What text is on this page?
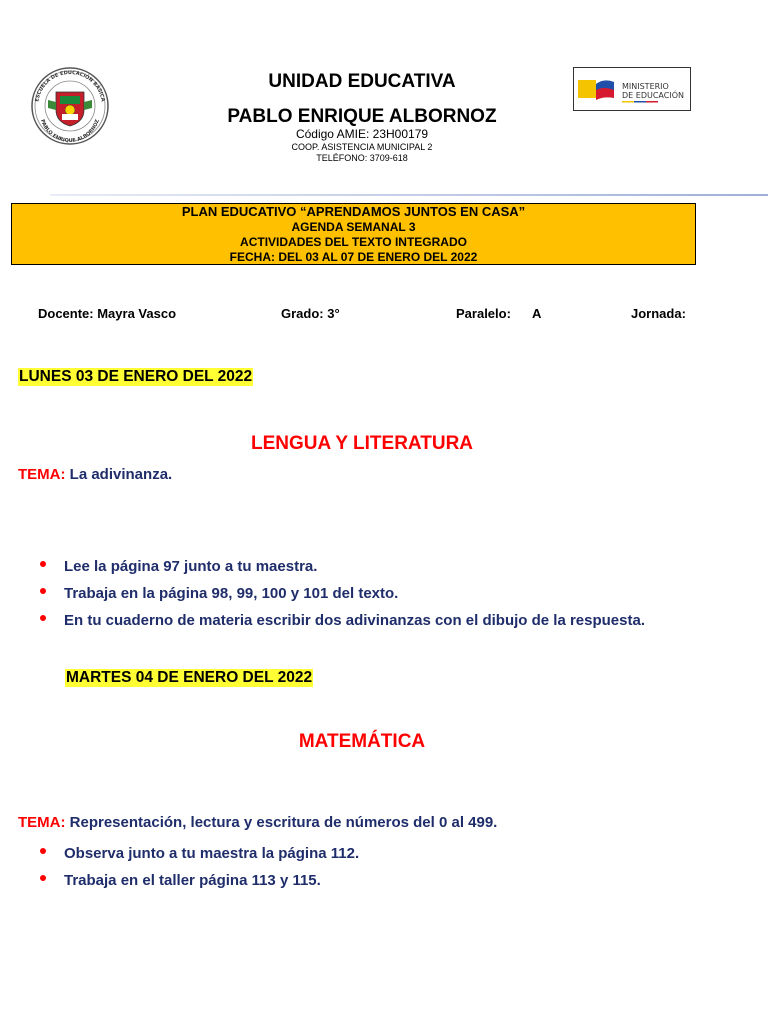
ESCUELA DE EDUCACIÓN BÁSICA
PABLO ENRIQUE ALBORNOZ
UNIDAD EDUCATIVA
PABLO ENRIQUE ALBORNOZ
Código AMIE: 23H00179
COOP. ASISTENCIA MUNICIPAL 2
TELÉFONO: 3709-618
MINISTERIO
DE EDUCACIÓN
PLAN EDUCATIVO “APRENDAMOS JUNTOS EN CASA”
AGENDA SEMANAL 3
ACTIVIDADES DEL TEXTO INTEGRADO
FECHA: DEL 03 AL 07 DE ENERO DEL 2022
Docente: Mayra Vasco	Grado: 3°	Paralelo: A	Jornada:
LUNES 03 DE ENERO DEL 2022
LENGUA Y LITERATURA
TEMA: La adivinanza.
Lee la página 97 junto a tu maestra.
Trabaja en la página 98, 99, 100 y 101 del texto.
En tu cuaderno de materia escribir dos adivinanzas con el dibujo de la respuesta.
MARTES 04 DE ENERO DEL 2022
MATEMÁTICA
TEMA: Representación, lectura y escritura de números del 0 al 499.
Observa junto a tu maestra la página 112.
Trabaja en el taller página 113 y 115.
